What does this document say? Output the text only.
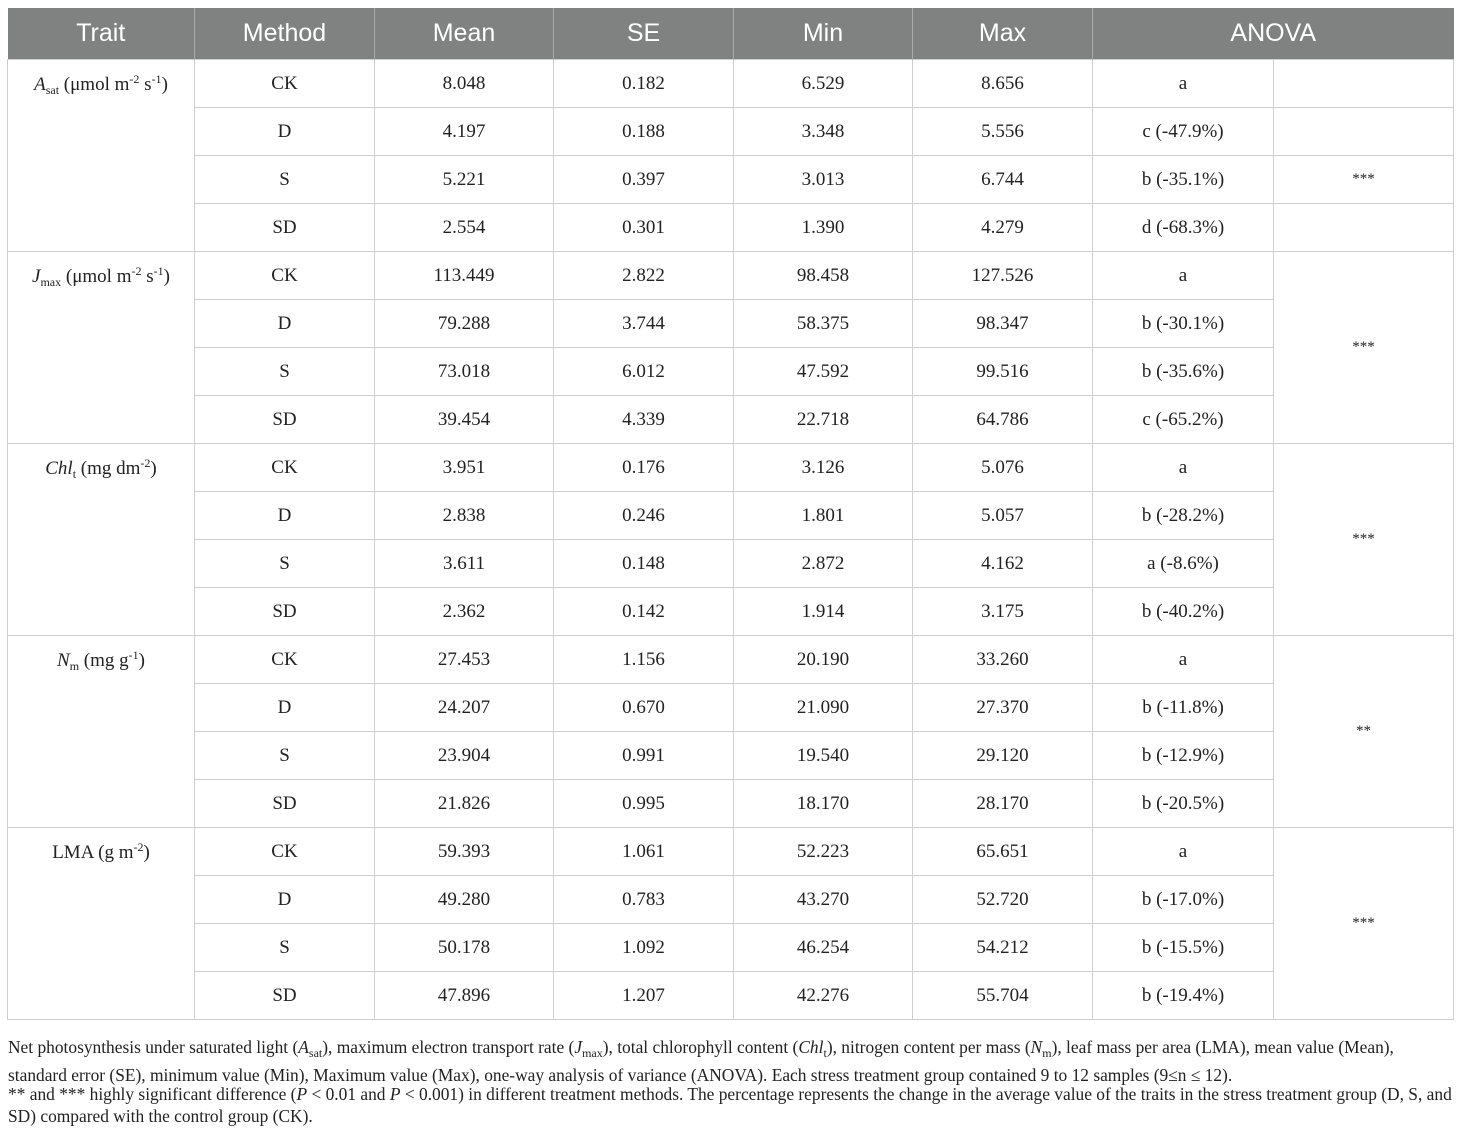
Trait	Method	Mean	SE	Min	Max	ANOVA	
$A_{sat}$ (μmol $m^{-2}$ $s^{-1}$)	CK	8.048	0.182	6.529	8.656	a	
	D	4.197	0.188	3.348	5.556	c (-47.9%)	
	S	5.221	0.397	3.013	6.744	b (-35.1%)	***
	SD	2.554	0.301	1.390	4.279	d (-68.3%)	
$J_{max}$ (μmol $m^{-2}$ $s^{-1}$)	CK	113.449	2.822	98.458	127.526	a	***
	D	79.288	3.744	58.375	98.347	b (-30.1%)	
	S	73.018	6.012	47.592	99.516	b (-35.6%)	
	SD	39.454	4.339	22.718	64.786	c (-65.2%)	
Chl$_t$ (mg $dm^{-2}$)	CK	3.951	0.176	3.126	5.076	a	***
	D	2.838	0.246	1.801	5.057	b (-28.2%)	
	S	3.611	0.148	2.872	4.162	a (-8.6%)	
	SD	2.362	0.142	1.914	3.175	b (-40.2%)	
$N_m$ (mg $g^{-1}$)	CK	27.453	1.156	20.190	33.260	a	**
	D	24.207	0.670	21.090	27.370	b (-11.8%)	
	S	23.904	0.991	19.540	29.120	b (-12.9%)	
	SD	21.826	0.995	18.170	28.170	b (-20.5%)	
LMA (g $m^{-2}$)	CK	59.393	1.061	52.223	65.651	a	***
	D	49.280	0.783	43.270	52.720	b (-17.0%)	
	S	50.178	1.092	46.254	54.212	b (-15.5%)	
	SD	47.896	1.207	42.276	55.704	b (-19.4%)	
Net photosynthesis under saturated light $(A_{sat})$, maximum electron transport rate $(J_{max})$, total chlorophyll content (Chl$_t$), nitrogen content per mass $(N_m)$, leaf mass per area (LMA), mean value (Mean), standard error (SE), minimum value (Min), Maximum value (Max), one-way analysis of variance (ANOVA). Each stress treatment group contained 9 to 12 samples (9≤n ≤ 12).
** and *** highly significant difference (P < 0.01 and P < 0.001) in different treatment methods. The percentage represents the change in the average value of the traits in the stress treatment group (D, S, and SD) compared with the control group (CK).
